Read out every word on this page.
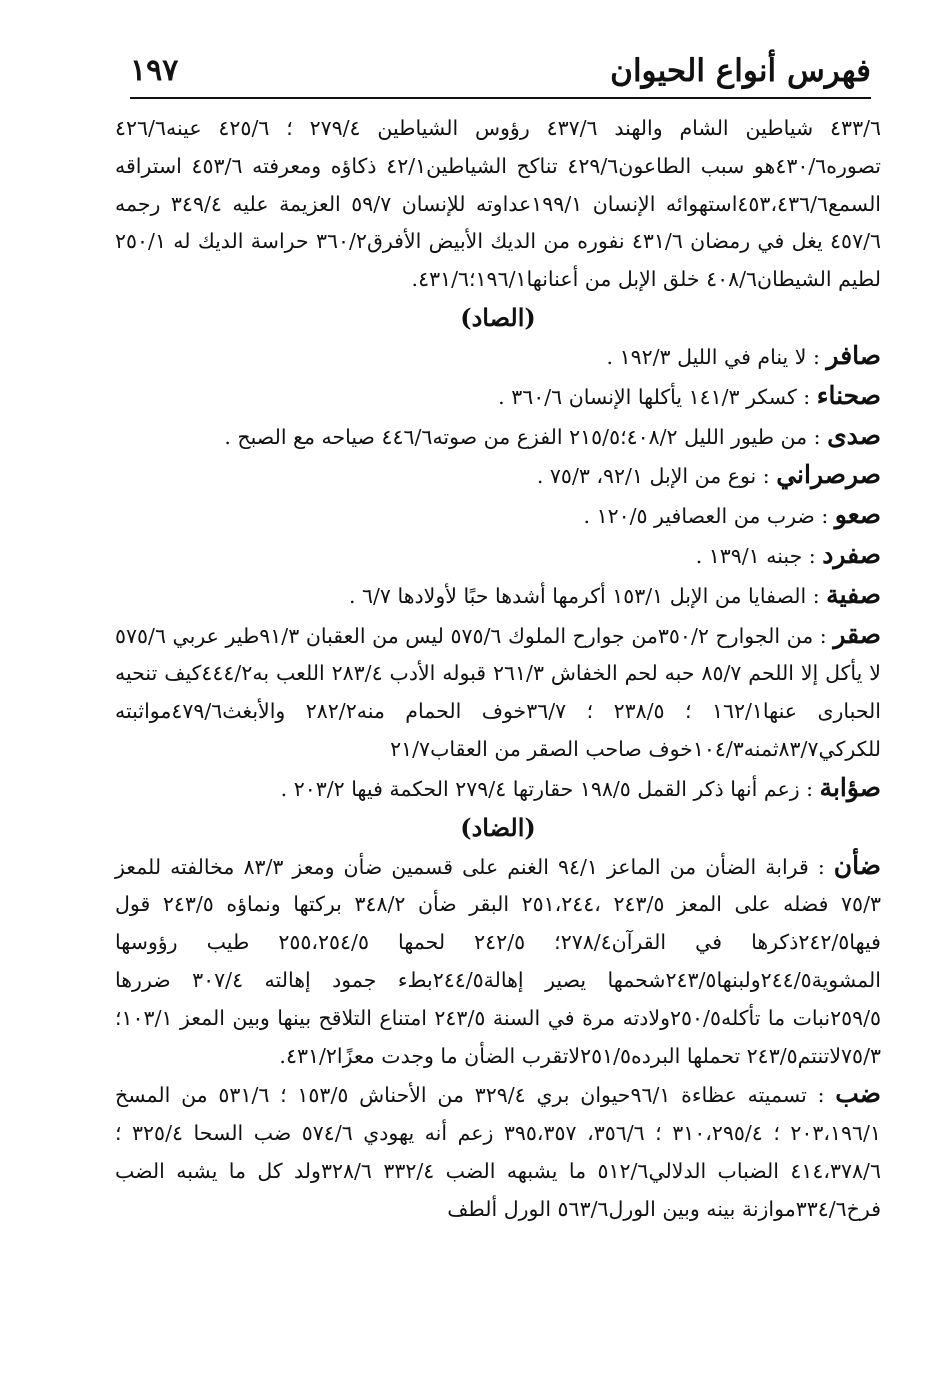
فهرس أنواع الحيوان
١٩٧

٤٣٣/٦ شياطين الشام والهند ٤٣٧/٦ رؤوس الشياطين ٢٧٩/٤ ؛ ٤٢٥/٦ عينه٤٢٦/٦ تصوره٤٣٠/٦هو سبب الطاعون٤٢٩/٦ تناكح الشياطين٤٢/١ ذكاؤه ومعرفته ٤٥٣/٦ استراقه السمع٤٥٣،٤٣٦/٦استهوائه الإنسان ١٩٩/١عداوته للإنسان ٥٩/٧ العزيمة عليه ٣٤٩/٤ رجمه ٤٥٧/٦ يغل في رمضان ٤٣١/٦ نفوره من الديك الأبيض الأفرق٣٦٠/٢ حراسة الديك له ٢٥٠/١ لطيم الشيطان٤٠٨/٦ خلق الإبل من أعنانها١٩٦/١؛٤٣١/٦.

(الصاد)

صافر : لا ينام في الليل ١٩٢/٣ .

صحناء : كسكر ١٤١/٣ يأكلها الإنسان ٣٦٠/٦ .

صدى : من طيور الليل ٤٠٨/٢؛٢١٥/٥ الفزع من صوته٤٤٦/٦ صياحه مع الصبح .

صرصراني : نوع من الإبل ٩٢/١، ٧٥/٣ .

صعو : ضرب من العصافير ١٢٠/٥ .

صفرد : جبنه ١٣٩/١ .

صفية : الصفايا من الإبل ١٥٣/١ أكرمها أشدها حبًا لأولادها ٦/٧ .

صقر : من الجوارح ٣٥٠/٢من جوارح الملوك ٥٧٥/٦ ليس من العقبان ٩١/٣طير عربي ٥٧٥/٦ لا يأكل إلا اللحم ٨٥/٧ حبه لحم الخفاش ٢٦١/٣ قبوله الأدب ٢٨٣/٤ اللعب به٤٤٤/٢كيف تنحيه الحبارى عنها١٦٢/١ ؛ ٢٣٨/٥ ؛ ٣٦/٧خوف الحمام منه٢٨٢/٢ والأبغث٤٧٩/٦مواثبته للكركي٨٣/٧ثمنه١٠٤/٣خوف صاحب الصقر من العقاب٢١/٧

صؤابة : زعم أنها ذكر القمل ١٩٨/٥ حقارتها ٢٧٩/٤ الحكمة فيها ٢٠٣/٢ .

(الضاد)

ضأن : قرابة الضأن من الماعز ٩٤/١ الغنم على قسمين ضأن ومعز ٨٣/٣ مخالفته للمعز ٧٥/٣ فضله على المعز ٢٤٣/٥ ،٢٥١،٢٤٤ البقر ضأن ٣٤٨/٢ بركتها ونماؤه ٢٤٣/٥ قول فيها٢٤٢/٥ذكرها في القرآن٢٧٨/٤؛ ٢٤٢/٥ لحمها ٢٥٥،٢٥٤/٥ طيب رؤوسها المشوية٢٤٤/٥ولبنها٢٤٣/٥شحمها يصير إهالة٢٤٤/٥بطء جمود إهالته ٣٠٧/٤ ضررها ٢٥٩/٥نبات ما تأكله٢٥٠/٥ولادته مرة في السنة ٢٤٣/٥ امتناع التلاقح بينها وبين المعز ١٠٣/١؛٧٥/٣لاتنتم٢٤٣/٥ تحملها البرده٢٥١/٥لاتقرب الضأن ما وجدت معزًا٤٣١/٢.

ضب : تسميته عظاءة ٩٦/١حيوان بري ٣٢٩/٤ من الأحناش ١٥٣/٥ ؛ ٥٣١/٦ من المسخ ٢٠٣،١٩٦/١ ؛ ٣١٠،٢٩٥/٤ ؛ ٣٥٦/٦، ٣٩٥،٣٥٧ زعم أنه يهودي ٥٧٤/٦ ضب السحا ٣٢٥/٤ ؛ ٤١٤،٣٧٨/٦ الضباب الدلالي٥١٢/٦ ما يشبهه الضب ٣٣٢/٤ ٣٢٨/٦ولد كل ما يشبه الضب فرخ٣٣٤/٦موازنة بينه وبين الورل٥٦٣/٦ الورل ألطف
